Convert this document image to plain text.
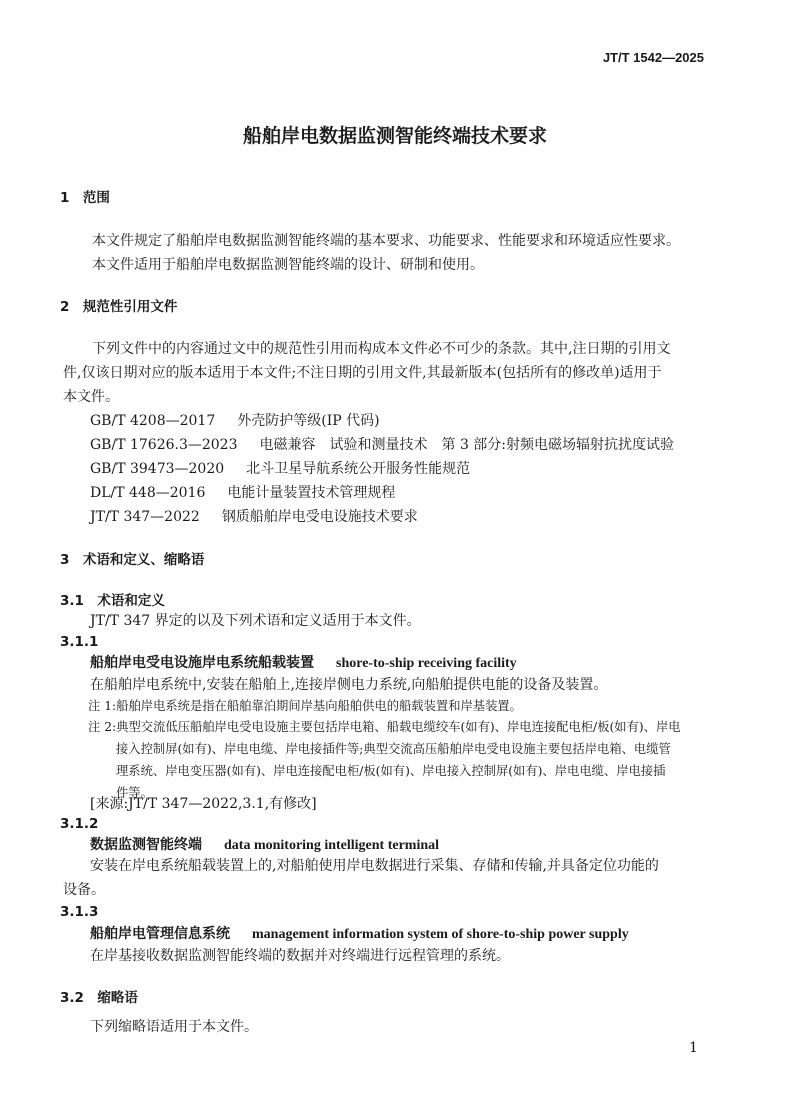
JT/T 1542—2025
船舶岸电数据监测智能终端技术要求
1　范围
本文件规定了船舶岸电数据监测智能终端的基本要求、功能要求、性能要求和环境适应性要求。
本文件适用于船舶岸电数据监测智能终端的设计、研制和使用。
2　规范性引用文件
下列文件中的内容通过文中的规范性引用而构成本文件必不可少的条款。其中,注日期的引用文
件,仅该日期对应的版本适用于本文件;不注日期的引用文件,其最新版本(包括所有的修改单)适用于
本文件。
GB/T 4208—2017 外壳防护等级(IP 代码)
GB/T 17626.3—2023 电磁兼容　试验和测量技术　第 3 部分:射频电磁场辐射抗扰度试验
GB/T 39473—2020 北斗卫星导航系统公开服务性能规范
DL/T 448—2016 电能计量装置技术管理规程
JT/T 347—2022 钢质船舶岸电受电设施技术要求
3　术语和定义、缩略语
3.1　术语和定义
JT/T 347 界定的以及下列术语和定义适用于本文件。
3.1.1
船舶岸电受电设施岸电系统船载装置 shore-to-ship receiving facility
在船舶岸电系统中,安装在船舶上,连接岸侧电力系统,向船舶提供电能的设备及装置。
注 1:船舶岸电系统是指在船舶靠泊期间岸基向船舶供电的船载装置和岸基装置。
注 2:典型交流低压船舶岸电受电设施主要包括岸电箱、船载电缆绞车(如有)、岸电连接配电柜/板(如有)、岸电
接入控制屏(如有)、岸电电缆、岸电接插件等;典型交流高压船舶岸电受电设施主要包括岸电箱、电缆管
理系统、岸电变压器(如有)、岸电连接配电柜/板(如有)、岸电接入控制屏(如有)、岸电电缆、岸电接插
件等。
[来源:JT/T 347—2022,3.1,有修改]
3.1.2
数据监测智能终端 data monitoring intelligent terminal
安装在岸电系统船载装置上的,对船舶使用岸电数据进行采集、存储和传输,并具备定位功能的
设备。
3.1.3
船舶岸电管理信息系统 management information system of shore-to-ship power supply
在岸基接收数据监测智能终端的数据并对终端进行远程管理的系统。
3.2　缩略语
下列缩略语适用于本文件。
1
